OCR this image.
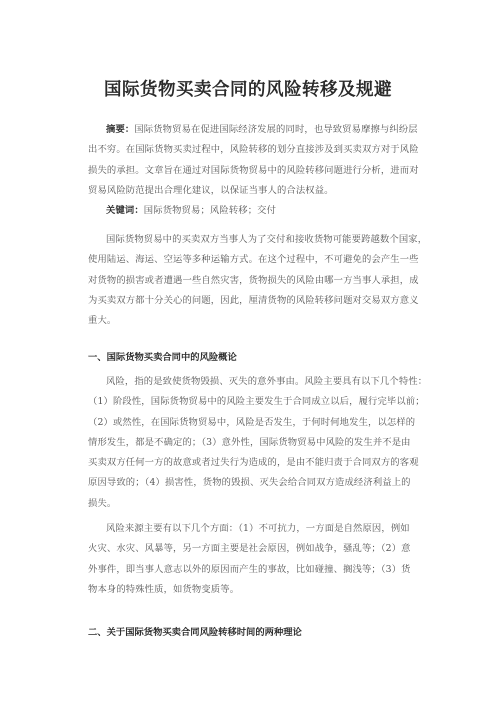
国际货物买卖合同的风险转移及规避

摘要：国际货物贸易在促进国际经济发展的同时，也导致贸易摩擦与纠纷层

出不穷。在国际货物买卖过程中，风险转移的划分直接涉及到买卖双方对于风险

损失的承担。文章旨在通过对国际货物贸易中的风险转移问题进行分析，进而对

贸易风险防范提出合理化建议，以保证当事人的合法权益。

关键词：国际货物贸易；风险转移；交付

国际货物贸易中的买卖双方当事人为了交付和接收货物可能要跨越数个国家，

使用陆运、海运、空运等多种运输方式。在这个过程中，不可避免的会产生一些

对货物的损害或者遭遇一些自然灾害，货物损失的风险由哪一方当事人承担，成

为买卖双方都十分关心的问题，因此，厘清货物的风险转移问题对交易双方意义

重大。

一、国际货物买卖合同中的风险概论

风险，指的是致使货物毁损、灭失的意外事由。风险主要具有以下几个特性：

（1）阶段性，国际货物贸易中的风险主要发生于合同成立以后，履行完毕以前；

（2）或然性，在国际货物贸易中，风险是否发生，于何时何地发生，以怎样的

情形发生，都是不确定的；（3）意外性，国际货物贸易中风险的发生并不是由

买卖双方任何一方的故意或者过失行为造成的，是由不能归责于合同双方的客观

原因导致的；（4）损害性，货物的毁损、灭失会给合同双方造成经济利益上的

损失。

风险来源主要有以下几个方面：（1）不可抗力，一方面是自然原因，例如

火灾、水灾、风暴等，另一方面主要是社会原因，例如战争，骚乱等；（2）意

外事件，即当事人意志以外的原因而产生的事故，比如碰撞、搁浅等；（3）货

物本身的特殊性质，如货物变质等。

二、关于国际货物买卖合同风险转移时间的两种理论
